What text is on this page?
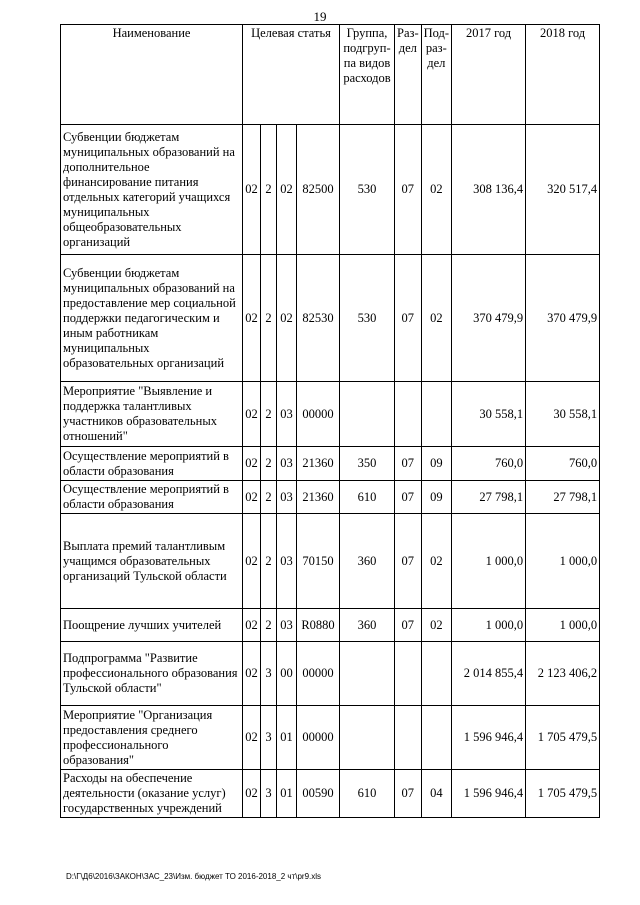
19
Наименование	Целевая статья				Группа, подгруп-па видов расходов	Раз-дел	Под-раз-дел	2017 год	2018 год
Субвенции бюджетам муниципальных образований на дополнительное финансирование питания отдельных категорий учащихся муниципальных общеобразовательных организаций	02	2	02	82500	530	07	02	308 136,4	320 517,4
Субвенции бюджетам муниципальных образований на предоставление мер социальной поддержки педагогическим и иным работникам муниципальных образовательных организаций	02	2	02	82530	530	07	02	370 479,9	370 479,9
Мероприятие "Выявление и поддержка талантливых участников образовательных отношений"	02	2	03	00000				30 558,1	30 558,1
Осуществление мероприятий в области образования	02	2	03	21360	350	07	09	760,0	760,0
Осуществление мероприятий в области образования	02	2	03	21360	610	07	09	27 798,1	27 798,1
Выплата премий талантливым учащимся образовательных организаций Тульской области	02	2	03	70150	360	07	02	1 000,0	1 000,0
Поощрение лучших учителей	02	2	03	R0880	360	07	02	1 000,0	1 000,0
Подпрограмма "Развитие профессионального образования Тульской области"	02	3	00	00000				2 014 855,4	2 123 406,2
Мероприятие "Организация предоставления среднего профессионального образования"	02	3	01	00000				1 596 946,4	1 705 479,5
Расходы на обеспечение деятельности (оказание услуг) государственных учреждений	02	3	01	00590	610	07	04	1 596 946,4	1 705 479,5
D:\Г\Д6\2016\ЗАКОН\ЗАС_23\Изм. бюджет ТО 2016-2018_2 чт\pr9.xls
